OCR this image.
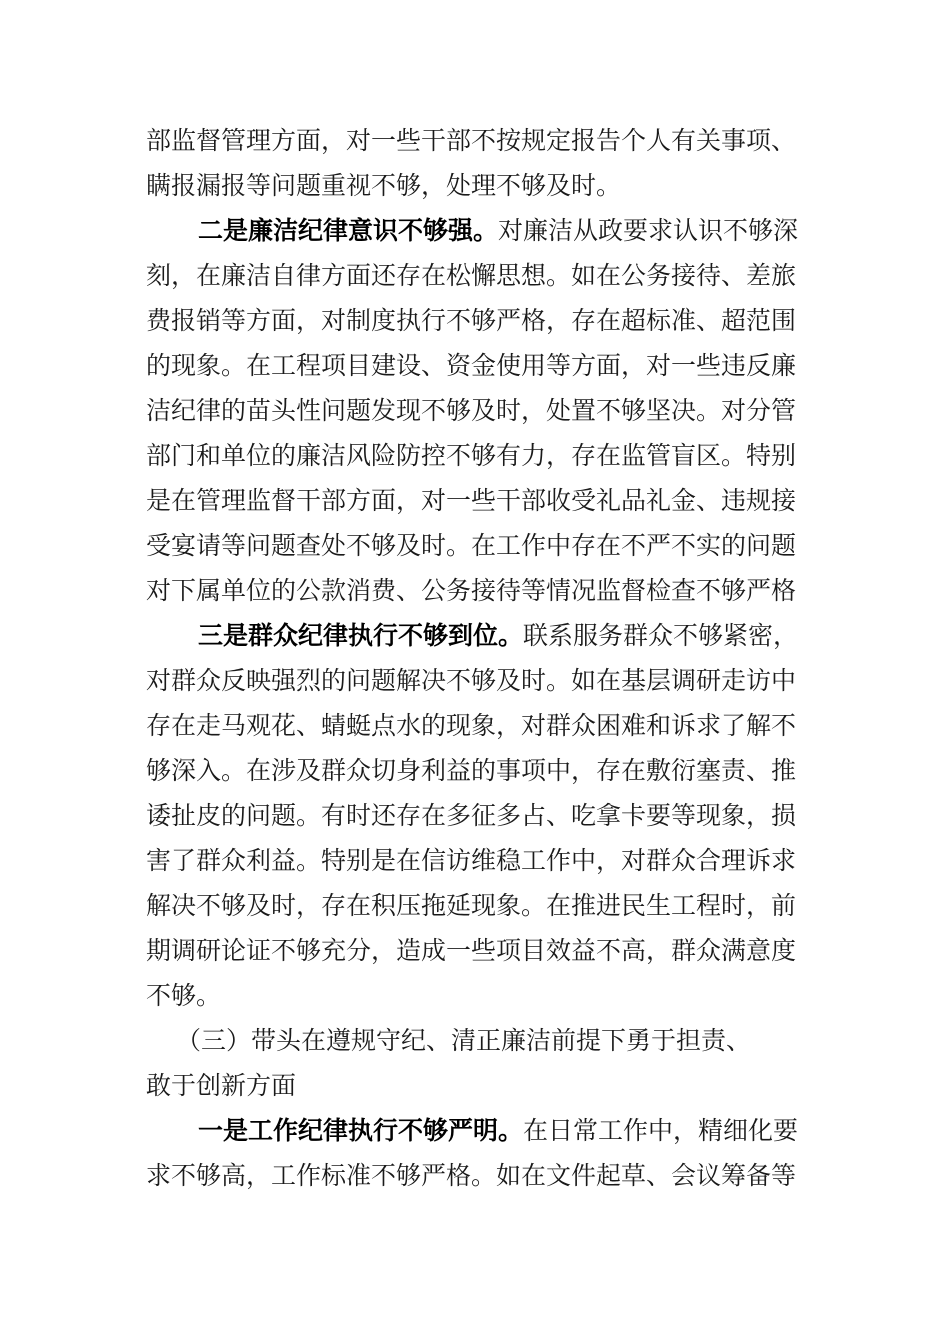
部监督管理方面，对一些干部不按规定报告个人有关事项、
瞒报漏报等问题重视不够，处理不够及时。
二是廉洁纪律意识不够强。对廉洁从政要求认识不够深
刻，在廉洁自律方面还存在松懈思想。如在公务接待、差旅
费报销等方面，对制度执行不够严格，存在超标准、超范围
的现象。在工程项目建设、资金使用等方面，对一些违反廉
洁纪律的苗头性问题发现不够及时，处置不够坚决。对分管
部门和单位的廉洁风险防控不够有力，存在监管盲区。特别
是在管理监督干部方面，对一些干部收受礼品礼金、违规接
受宴请等问题查处不够及时。在工作中存在不严不实的问题
对下属单位的公款消费、公务接待等情况监督检查不够严格
三是群众纪律执行不够到位。联系服务群众不够紧密，
对群众反映强烈的问题解决不够及时。如在基层调研走访中
存在走马观花、蜻蜓点水的现象，对群众困难和诉求了解不
够深入。在涉及群众切身利益的事项中，存在敷衍塞责、推
诿扯皮的问题。有时还存在多征多占、吃拿卡要等现象，损
害了群众利益。特别是在信访维稳工作中，对群众合理诉求
解决不够及时，存在积压拖延现象。在推进民生工程时，前
期调研论证不够充分，造成一些项目效益不高，群众满意度
不够。
（三）带头在遵规守纪、清正廉洁前提下勇于担责、
敢于创新方面
一是工作纪律执行不够严明。在日常工作中，精细化要
求不够高，工作标准不够严格。如在文件起草、会议筹备等
